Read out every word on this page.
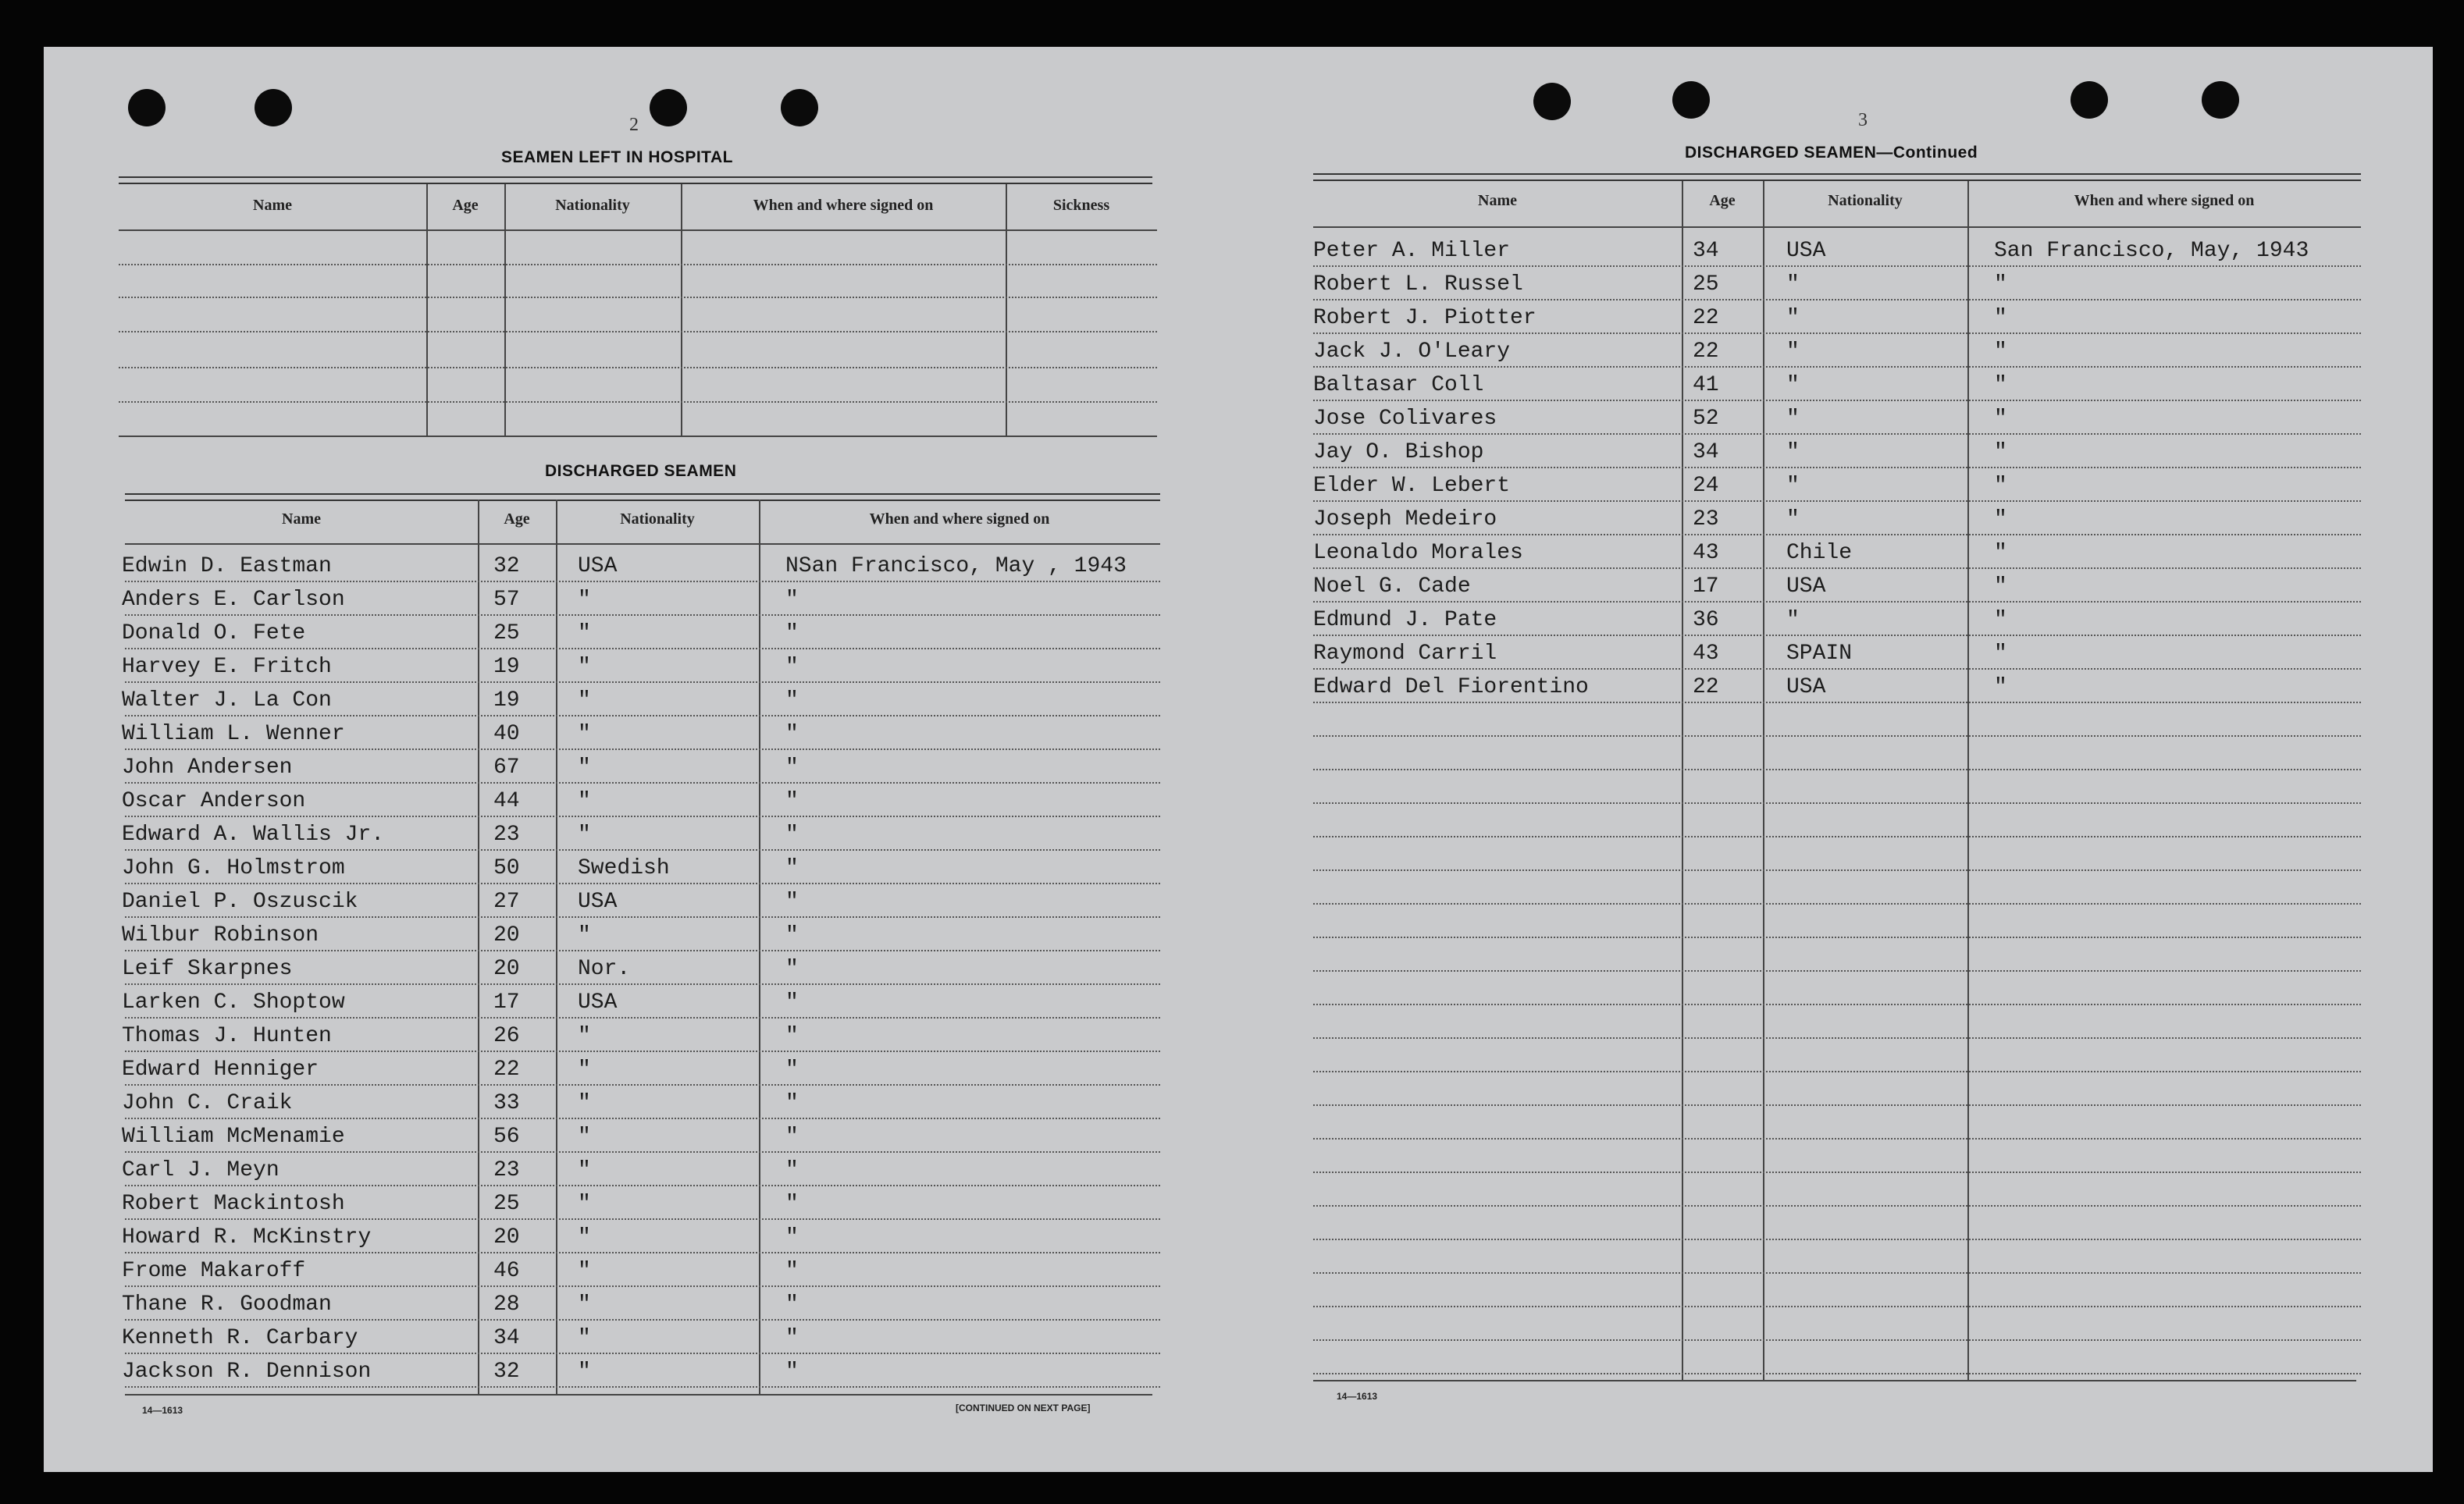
2
SEAMEN LEFT IN HOSPITAL
Name	Age	Nationality	When and where signed on	Sickness
DISCHARGED SEAMEN
Name	Age	Nationality	When and where signed on
Edwin D. Eastman	32	USA	NSan Francisco, May , 1943
Anders E. Carlson	57	"	"
Donald O. Fete	25	"	"
Harvey E. Fritch	19	"	"
Walter J. La Con	19	"	"
William L. Wenner	40	"	"
John Andersen	67	"	"
Oscar Anderson	44	"	"
Edward A. Wallis Jr.	23	"	"
John G. Holmstrom	50	Swedish	"
Daniel P. Oszuscik	27	USA	"
Wilbur Robinson	20	"	"
Leif Skarpnes	20	Nor.	"
Larken C. Shoptow	17	USA	"
Thomas J. Hunten	26	"	"
Edward Henniger	22	"	"
John C. Craik	33	"	"
William McMenamie	56	"	"
Carl J. Meyn	23	"	"
Robert Mackintosh	25	"	"
Howard R. McKinstry	20	"	"
Frome Makaroff	46	"	"
Thane R. Goodman	28	"	"
Kenneth R. Carbary	34	"	"
Jackson R. Dennison	32	"	"
14—1613	[CONTINUED ON NEXT PAGE]
3
DISCHARGED SEAMEN—Continued
Name	Age	Nationality	When and where signed on
Peter A. Miller	34	USA	San Francisco, May, 1943
Robert L. Russel	25	"	"
Robert J. Piotter	22	"	"
Jack J. O'Leary	22	"	"
Baltasar Coll	41	"	"
Jose Colivares	52	"	"
Jay O. Bishop	34	"	"
Elder W. Lebert	24	"	"
Joseph Medeiro	23	"	"
Leonaldo Morales	43	Chile	"
Noel G. Cade	17	USA	"
Edmund J. Pate	36	"	"
Raymond Carril	43	SPAIN	"
Edward Del Fiorentino	22	USA	"
14—1613
